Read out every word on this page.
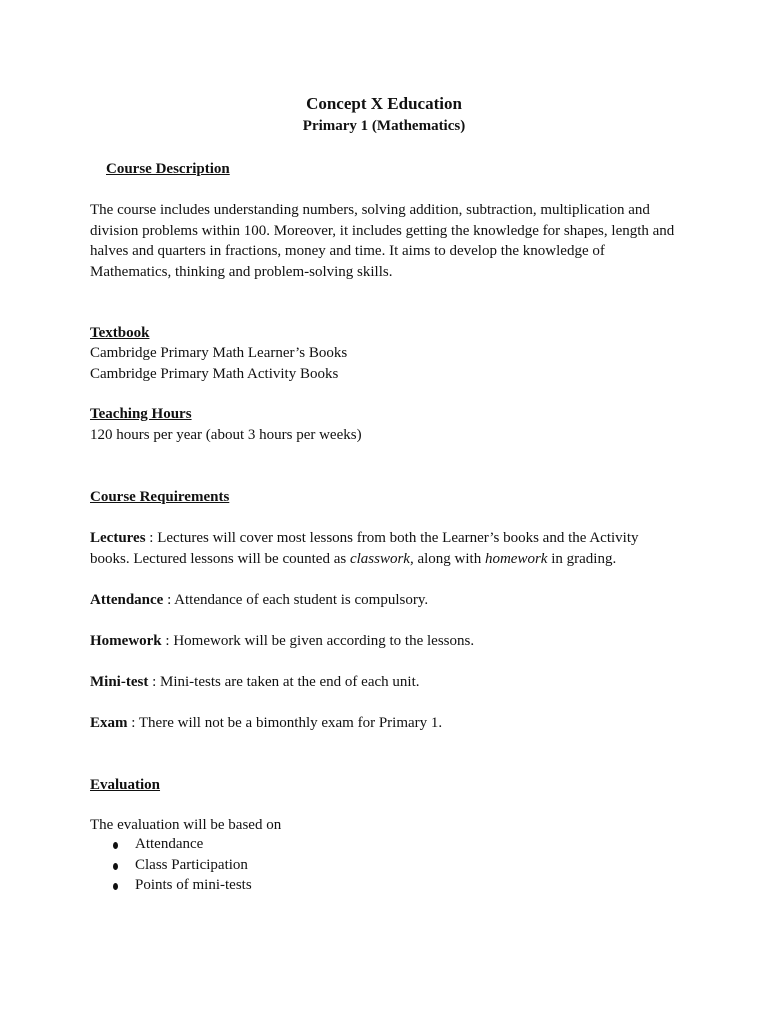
Concept X Education
Primary 1 (Mathematics)
Course Description
The course includes understanding numbers, solving addition, subtraction, multiplication and
division problems within 100. Moreover, it includes getting the knowledge for shapes, length and
halves and quarters in fractions, money and time. It aims to develop the knowledge of
Mathematics, thinking and problem-solving skills.
Textbook
Cambridge Primary Math Learner’s Books
Cambridge Primary Math Activity Books
Teaching Hours
120 hours per year (about 3 hours per weeks)
Course Requirements
Lectures : Lectures will cover most lessons from both the Learner’s books and the Activity
books. Lectured lessons will be counted as classwork, along with homework in grading.
Attendance : Attendance of each student is compulsory.
Homework : Homework will be given according to the lessons.
Mini-test : Mini-tests are taken at the end of each unit.
Exam : There will not be a bimonthly exam for Primary 1.
Evaluation
The evaluation will be based on
Attendance
Class Participation
Points of mini-tests
